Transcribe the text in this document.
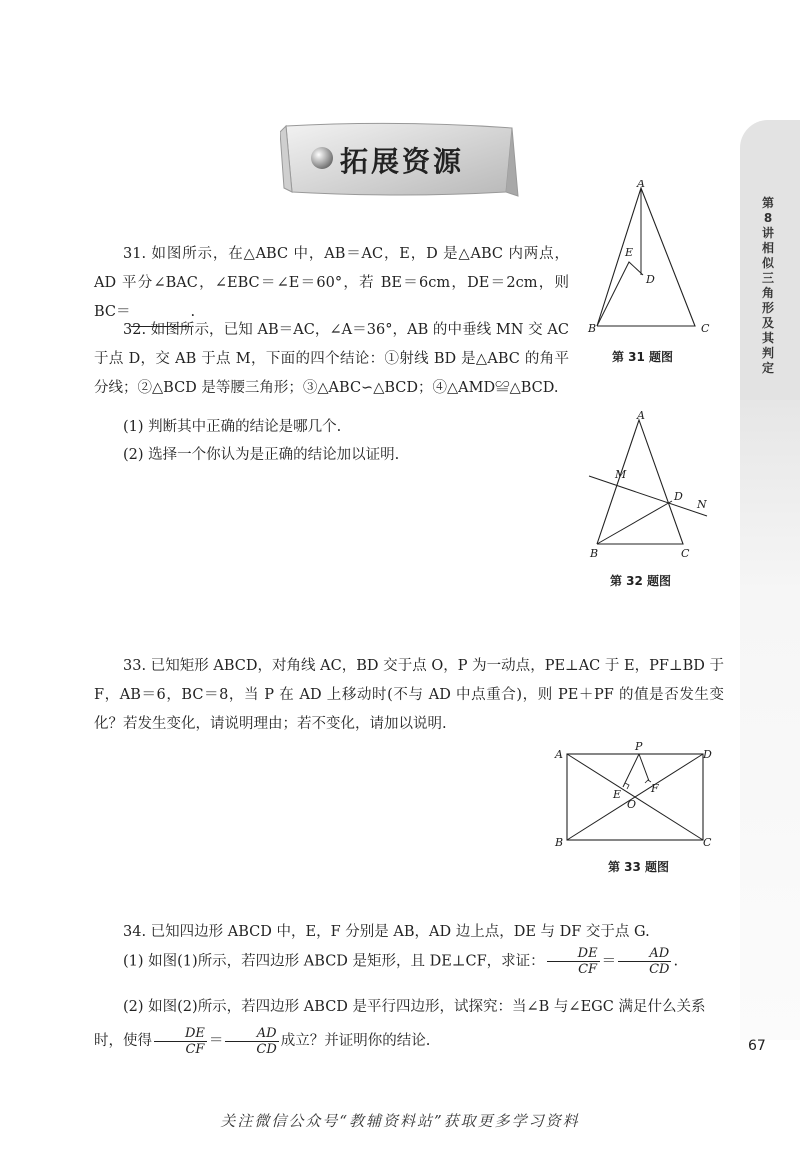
第
8
讲
相
似
三
角
形
及
其
判
定
拓展资源
31. 如图所示，在△ABC 中，AB＝AC，E，D 是△ABC 内两点，AD 平分∠BAC，∠EBC＝∠E＝60°，若 BE＝6cm，DE＝2cm，则 BC＝	.
A
B	C
D
E
第 31 题图
32. 如图所示，已知 AB＝AC，∠A＝36°，AB 的中垂线 MN 交 AC 于点 D，交 AB 于点 M，下面的四个结论：①射线 BD 是△ABC 的角平分线；②△BCD 是等腰三角形；③△ABC∽△BCD；④△AMD≌△BCD.
(1) 判断其中正确的结论是哪几个.
(2) 选择一个你认为是正确的结论加以证明.
A
B	C
D
M
N
第 32 题图
33. 已知矩形 ABCD，对角线 AC，BD 交于点 O，P 为一动点，PE⊥AC 于 E，PF⊥BD 于 F，AB＝6，BC＝8，当 P 在 AD 上移动时(不与 AD 中点重合)，则 PE＋PF 的值是否发生变化？若发生变化，请说明理由；若不变化，请加以说明.
A
B	C
D
E	F
O
P
第 33 题图
34. 已知四边形 ABCD 中，E，F 分别是 AB，AD 边上点，DE 与 DF 交于点 G.
(1) 如图(1)所示，若四边形 ABCD 是矩形，且 DE⊥CF，求证： $\frac{DE}{CF} = \frac{AD}{CD}$ .
(2) 如图(2)所示，若四边形 ABCD 是平行四边形，试探究：当∠B 与∠EGC 满足什么关系时，使得 $\frac{DE}{CF} = \frac{AD}{CD}$ 成立？并证明你的结论.	67
关注微信公众号“教辅资料站”获取更多学习资料
